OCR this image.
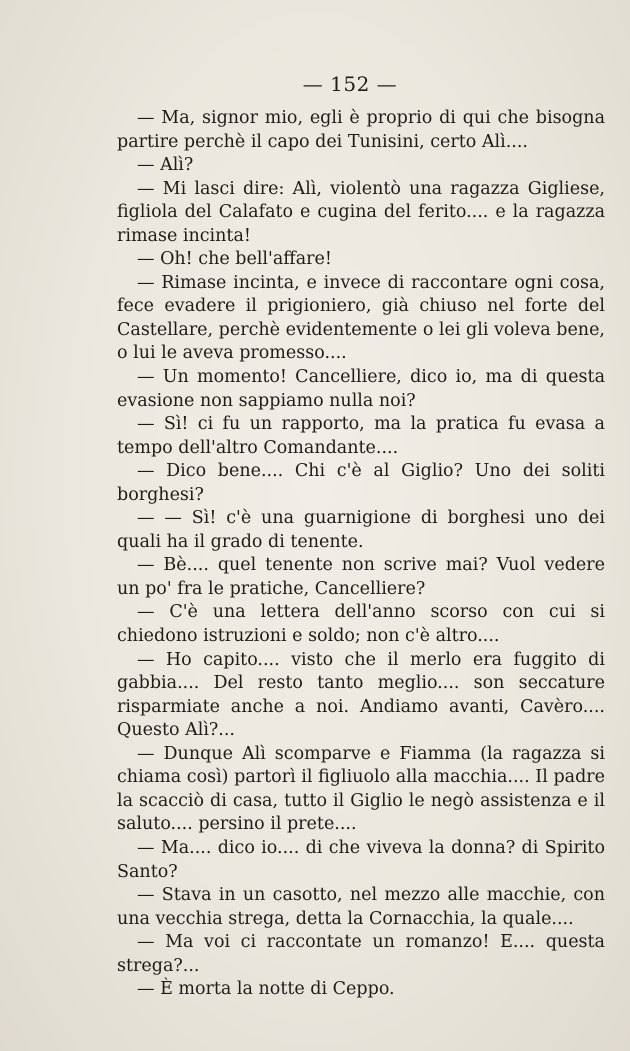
— 152 —

— Ma, signor mio, egli è proprio di qui che bisogna partire perchè il capo dei Tunisini, certo Alì....

— Alì?

— Mi lasci dire: Alì, violentò una ragazza Gigliese, figliola del Calafato e cugina del ferito.... e la ragazza rimase incinta!

— Oh! che bell'affare!

— Rimase incinta, e invece di raccontare ogni cosa, fece evadere il prigioniero, già chiuso nel forte del Castellare, perchè evidentemente o lei gli voleva bene, o lui le aveva promesso....

— Un momento! Cancelliere, dico io, ma di questa evasione non sappiamo nulla noi?

— Sì! ci fu un rapporto, ma la pratica fu evasa a tempo dell'altro Comandante....

— Dico bene.... Chi c'è al Giglio? Uno dei soliti borghesi?

— — Sì! c'è una guarnigione di borghesi uno dei quali ha il grado di tenente.

— Bè.... quel tenente non scrive mai? Vuol vedere un po' fra le pratiche, Cancelliere?

— C'è una lettera dell'anno scorso con cui si chiedono istruzioni e soldo; non c'è altro....

— Ho capito.... visto che il merlo era fuggito di gabbia.... Del resto tanto meglio.... son seccature risparmiate anche a noi. Andiamo avanti, Cavèro.... Questo Alì?...

— Dunque Alì scomparve e Fiamma (la ragazza si chiama così) partorì il figliuolo alla macchia.... Il padre la scacciò di casa, tutto il Giglio le negò assistenza e il saluto.... persino il prete....

— Ma.... dico io.... di che viveva la donna? di Spirito Santo?

— Stava in un casotto, nel mezzo alle macchie, con una vecchia strega, detta la Cornacchia, la quale....

— Ma voi ci raccontate un romanzo! E.... questa strega?...

— È morta la notte di Ceppo.
